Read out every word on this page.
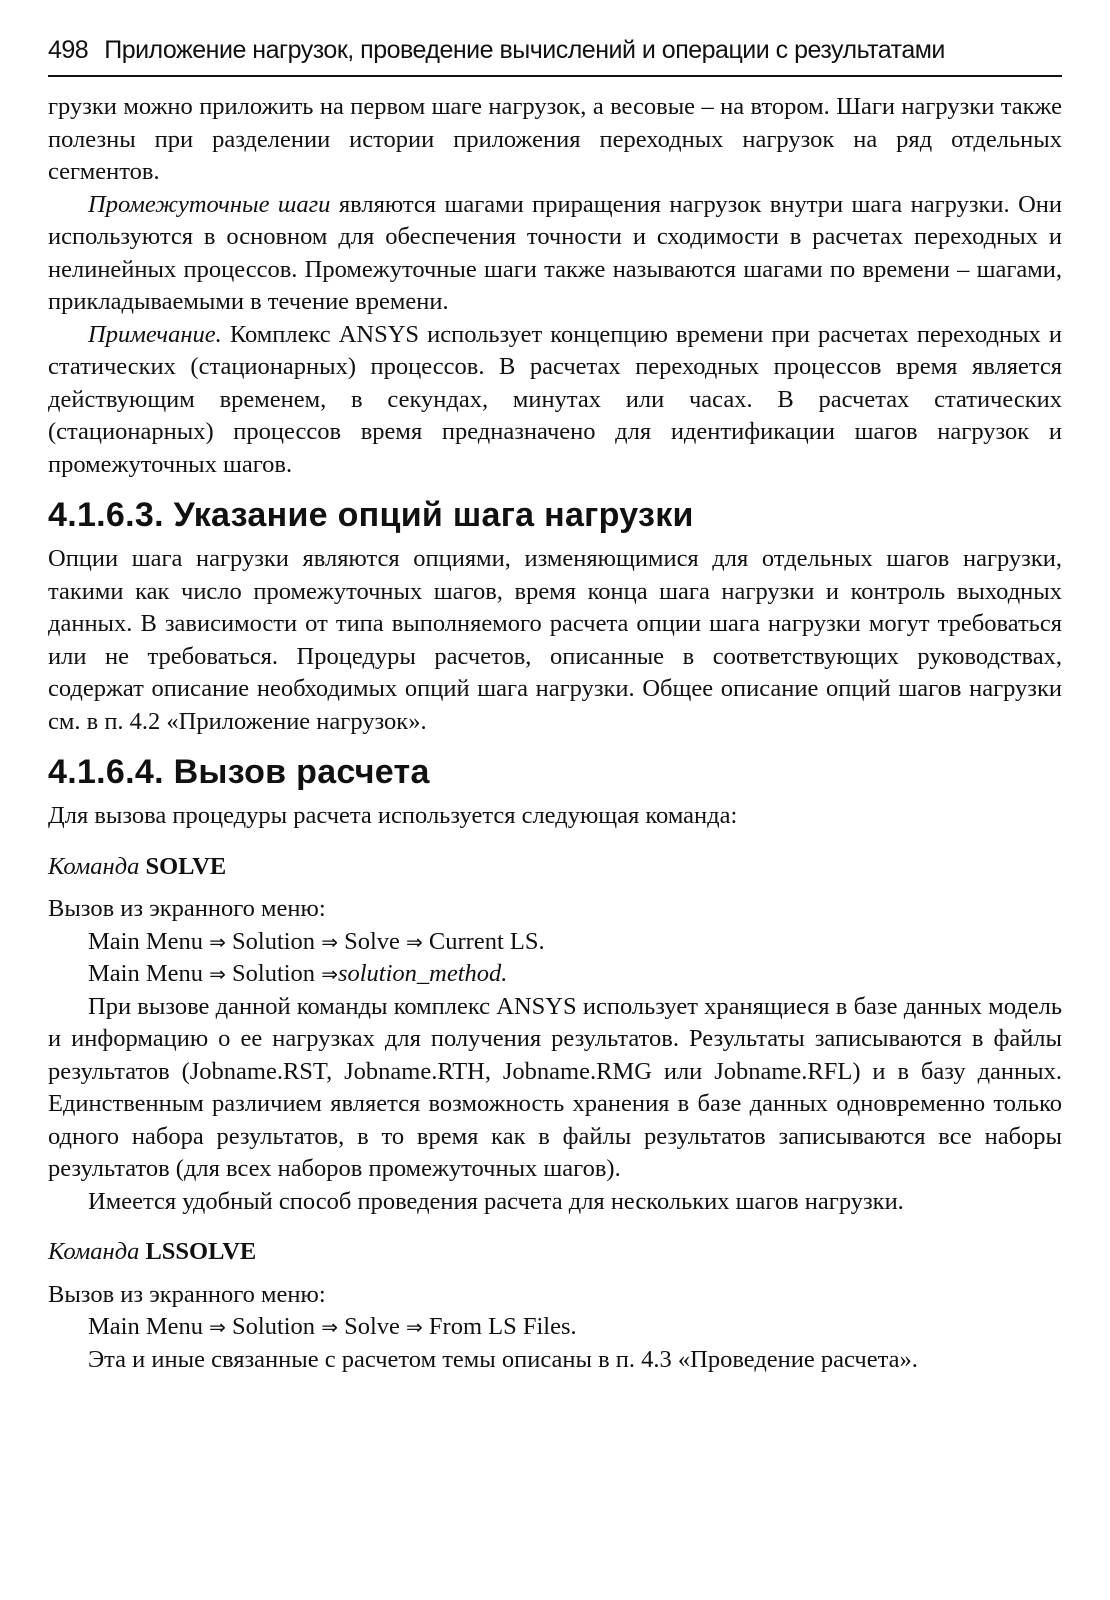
498 Приложение нагрузок, проведение вычислений и операции с результатами

грузки можно приложить на первом шаге нагрузок, а весовые – на втором. Шаги нагрузки также полезны при разделении истории приложения переходных нагрузок на ряд отдельных сегментов.

Промежуточные шаги являются шагами приращения нагрузок внутри шага нагрузки. Они используются в основном для обеспечения точности и сходимости в расчетах переходных и нелинейных процессов. Промежуточные шаги также называются шагами по времени – шагами, прикладываемыми в течение времени.

Примечание. Комплекс ANSYS использует концепцию времени при расчетах переходных и статических (стационарных) процессов. В расчетах переходных процессов время является действующим временем, в секундах, минутах или часах. В расчетах статических (стационарных) процессов время предназначено для идентификации шагов нагрузок и промежуточных шагов.

4.1.6.3. Указание опций шага нагрузки

Опции шага нагрузки являются опциями, изменяющимися для отдельных шагов нагрузки, такими как число промежуточных шагов, время конца шага нагрузки и контроль выходных данных. В зависимости от типа выполняемого расчета опции шага нагрузки могут требоваться или не требоваться. Процедуры расчетов, описанные в соответствующих руководствах, содержат описание необходимых опций шага нагрузки. Общее описание опций шагов нагрузки см. в п. 4.2 «Приложение нагрузок».

4.1.6.4. Вызов расчета

Для вызова процедуры расчета используется следующая команда:

Команда SOLVE

Вызов из экранного меню:

Main Menu ⇒ Solution ⇒ Solve ⇒ Current LS.
Main Menu ⇒ Solution ⇒solution_method.

При вызове данной команды комплекс ANSYS использует хранящиеся в базе данных модель и информацию о ее нагрузках для получения результатов. Результаты записываются в файлы результатов (Jobname.RST, Jobname.RTH, Jobname.RMG или Jobname.RFL) и в базу данных. Единственным различием является возможность хранения в базе данных одновременно только одного набора результатов, в то время как в файлы результатов записываются все наборы результатов (для всех наборов промежуточных шагов).

Имеется удобный способ проведения расчета для нескольких шагов нагрузки.

Команда LSSOLVE

Вызов из экранного меню:

Main Menu ⇒ Solution ⇒ Solve ⇒ From LS Files.

Эта и иные связанные с расчетом темы описаны в п. 4.3 «Проведение расчета».
